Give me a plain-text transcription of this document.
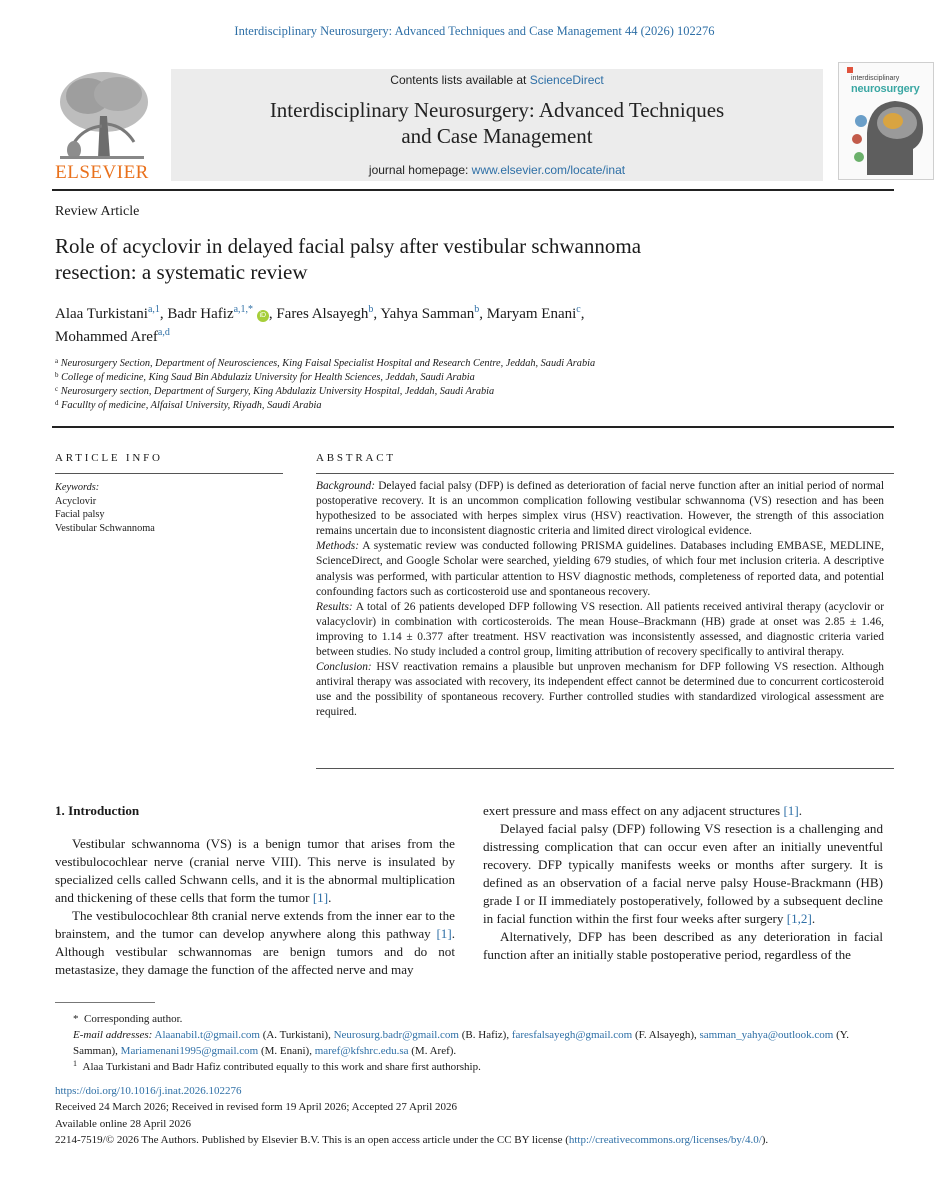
Interdisciplinary Neurosurgery: Advanced Techniques and Case Management 44 (2026) 102276
ELSEVIER
Contents lists available at ScienceDirect
Interdisciplinary Neurosurgery: Advanced Techniques
and Case Management
journal homepage: www.elsevier.com/locate/inat
interdisciplinary
neurosurgery
Review Article
Role of acyclovir in delayed facial palsy after vestibular schwannoma
resection: a systematic review
Alaa Turkistani$^{a,1}$, Badr Hafiz$^{a,1,*}$ iD , Fares Alsayegh$^b$, Yahya Samman$^b$, Maryam Enani$^c$,
Mohammed Aref$^{a,d}$
$^a$ Neurosurgery Section, Department of Neurosciences, King Faisal Specialist Hospital and Research Centre, Jeddah, Saudi Arabia
$^b$ College of medicine, King Saud Bin Abdulaziz University for Health Sciences, Jeddah, Saudi Arabia
$^c$ Neurosurgery section, Department of Surgery, King Abdulaziz University Hospital, Jeddah, Saudi Arabia
$^d$ Facullty of medicine, Alfaisal University, Riyadh, Saudi Arabia
ARTICLE INFO	ABSTRACT
Keywords:
Acyclovir
Facial palsy
Vestibular Schwannoma

Background: Delayed facial palsy (DFP) is defined as deterioration of facial nerve function after an initial period of normal postoperative recovery. It is an uncommon complication following vestibular schwannoma (VS) resection and has been hypothesized to be associated with herpes simplex virus (HSV) reactivation. However, the strength of this association remains uncertain due to inconsistent diagnostic criteria and limited direct virological evidence.

Methods: A systematic review was conducted following PRISMA guidelines. Databases including EMBASE, MEDLINE, ScienceDirect, and Google Scholar were searched, yielding 679 studies, of which four met inclusion criteria. A descriptive analysis was performed, with particular attention to HSV diagnostic methods, completeness of reported data, and potential confounding factors such as corticosteroid use and spontaneous recovery.

Results: A total of 26 patients developed DFP following VS resection. All patients received antiviral therapy (acyclovir or valacyclovir) in combination with corticosteroids. The mean House–Brackmann (HB) grade at onset was 2.85 ± 1.46, improving to 1.14 ± 0.377 after treatment. HSV reactivation was inconsistently assessed, and diagnostic criteria varied between studies. No study included a control group, limiting attribution of recovery specifically to antiviral therapy.

Conclusion: HSV reactivation remains a plausible but unproven mechanism for DFP following VS resection. Although antiviral therapy was associated with recovery, its independent effect cannot be determined due to concurrent corticosteroid use and the possibility of spontaneous recovery. Further controlled studies with standardized virological assessment are required.

1. Introduction

Vestibular schwannoma (VS) is a benign tumor that arises from the vestibulocochlear nerve (cranial nerve VIII). This nerve is insulated by specialized cells called Schwann cells, and it is the abnormal multiplication and thickening of these cells that form the tumor [1].

The vestibulocochlear 8th cranial nerve extends from the inner ear to the brainstem, and the tumor can develop anywhere along this pathway [1]. Although vestibular schwannomas are benign tumors and do not metastasize, they damage the function of the affected nerve and may

exert pressure and mass effect on any adjacent structures [1].

Delayed facial palsy (DFP) following VS resection is a challenging and distressing complication that can occur even after an initially uneventful recovery. DFP typically manifests weeks or months after surgery. It is defined as an observation of a facial nerve palsy House-Brackmann (HB) grade I or II immediately postoperatively, followed by a subsequent decline in facial function within the first four weeks after surgery [1,2].

Alternatively, DFP has been described as any deterioration in facial function after an initially stable postoperative period, regardless of the

*  Corresponding author.
E-mail addresses: Alaanabil.t@gmail.com (A. Turkistani), Neurosurg.badr@gmail.com (B. Hafiz), faresfalsayegh@gmail.com (F. Alsayegh), samman_yahya@outlook.com (Y. Samman), Mariamenani1995@gmail.com (M. Enani), maref@kfshrc.edu.sa (M. Aref).
$^1$ Alaa Turkistani and Badr Hafiz contributed equally to this work and share first authorship.
https://doi.org/10.1016/j.inat.2026.102276
Received 24 March 2026; Received in revised form 19 April 2026; Accepted 27 April 2026
Available online 28 April 2026
2214-7519/© 2026 The Authors. Published by Elsevier B.V. This is an open access article under the CC BY license (http://creativecommons.org/licenses/by/4.0/).
